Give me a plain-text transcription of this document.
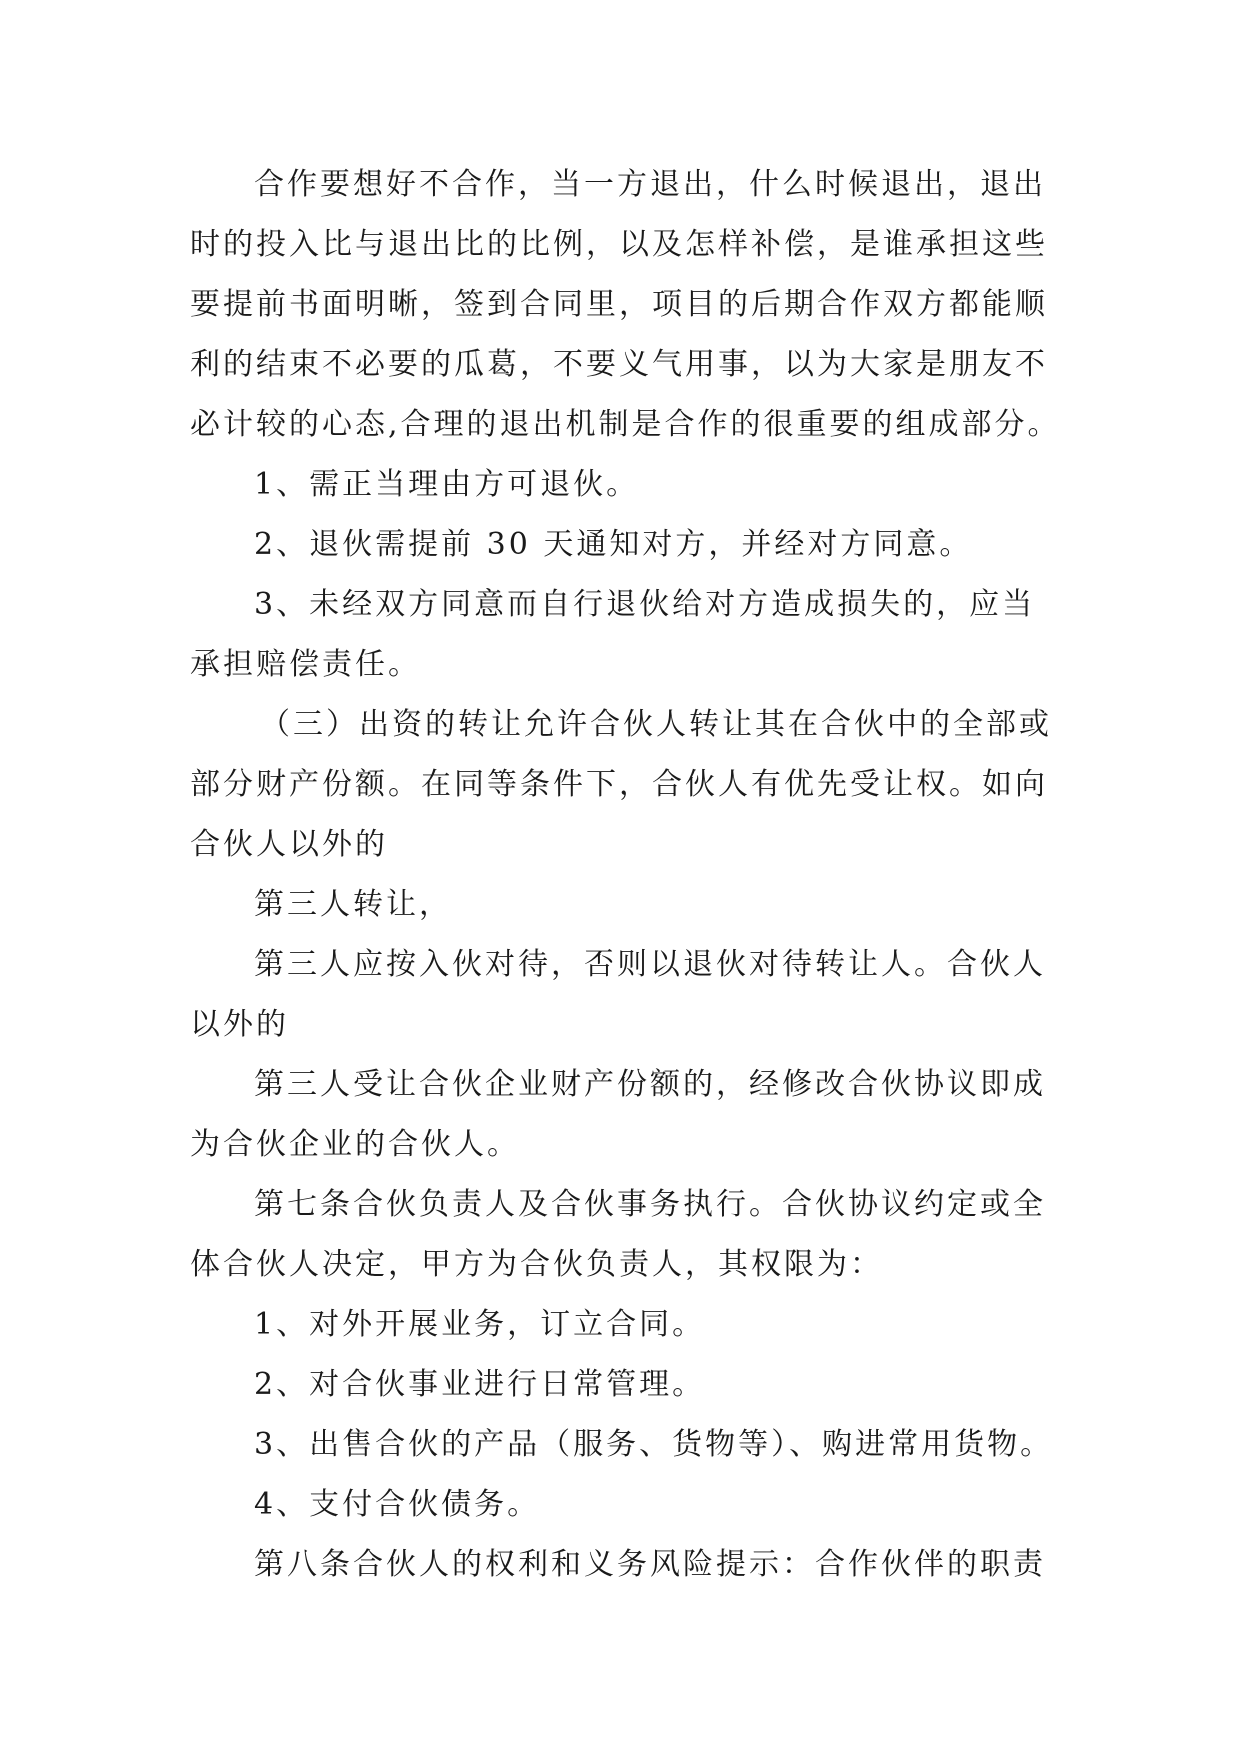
合作要想好不合作，当一方退出，什么时候退出，退出
时的投入比与退出比的比例，以及怎样补偿，是谁承担这些
要提前书面明晰，签到合同里，项目的后期合作双方都能顺
利的结束不必要的瓜葛，不要义气用事，以为大家是朋友不
必计较的心态,合理的退出机制是合作的很重要的组成部分。
1、需正当理由方可退伙。
2、退伙需提前 30 天通知对方，并经对方同意。
3、未经双方同意而自行退伙给对方造成损失的，应当
承担赔偿责任。
（三）出资的转让允许合伙人转让其在合伙中的全部或
部分财产份额。在同等条件下，合伙人有优先受让权。如向
合伙人以外的
第三人转让，
第三人应按入伙对待，否则以退伙对待转让人。合伙人
以外的
第三人受让合伙企业财产份额的，经修改合伙协议即成
为合伙企业的合伙人。
第七条合伙负责人及合伙事务执行。合伙协议约定或全
体合伙人决定，甲方为合伙负责人，其权限为：
1、对外开展业务，订立合同。
2、对合伙事业进行日常管理。
3、出售合伙的产品（服务、货物等）、购进常用货物。
4、支付合伙债务。
第八条合伙人的权利和义务风险提示：合作伙伴的职责
